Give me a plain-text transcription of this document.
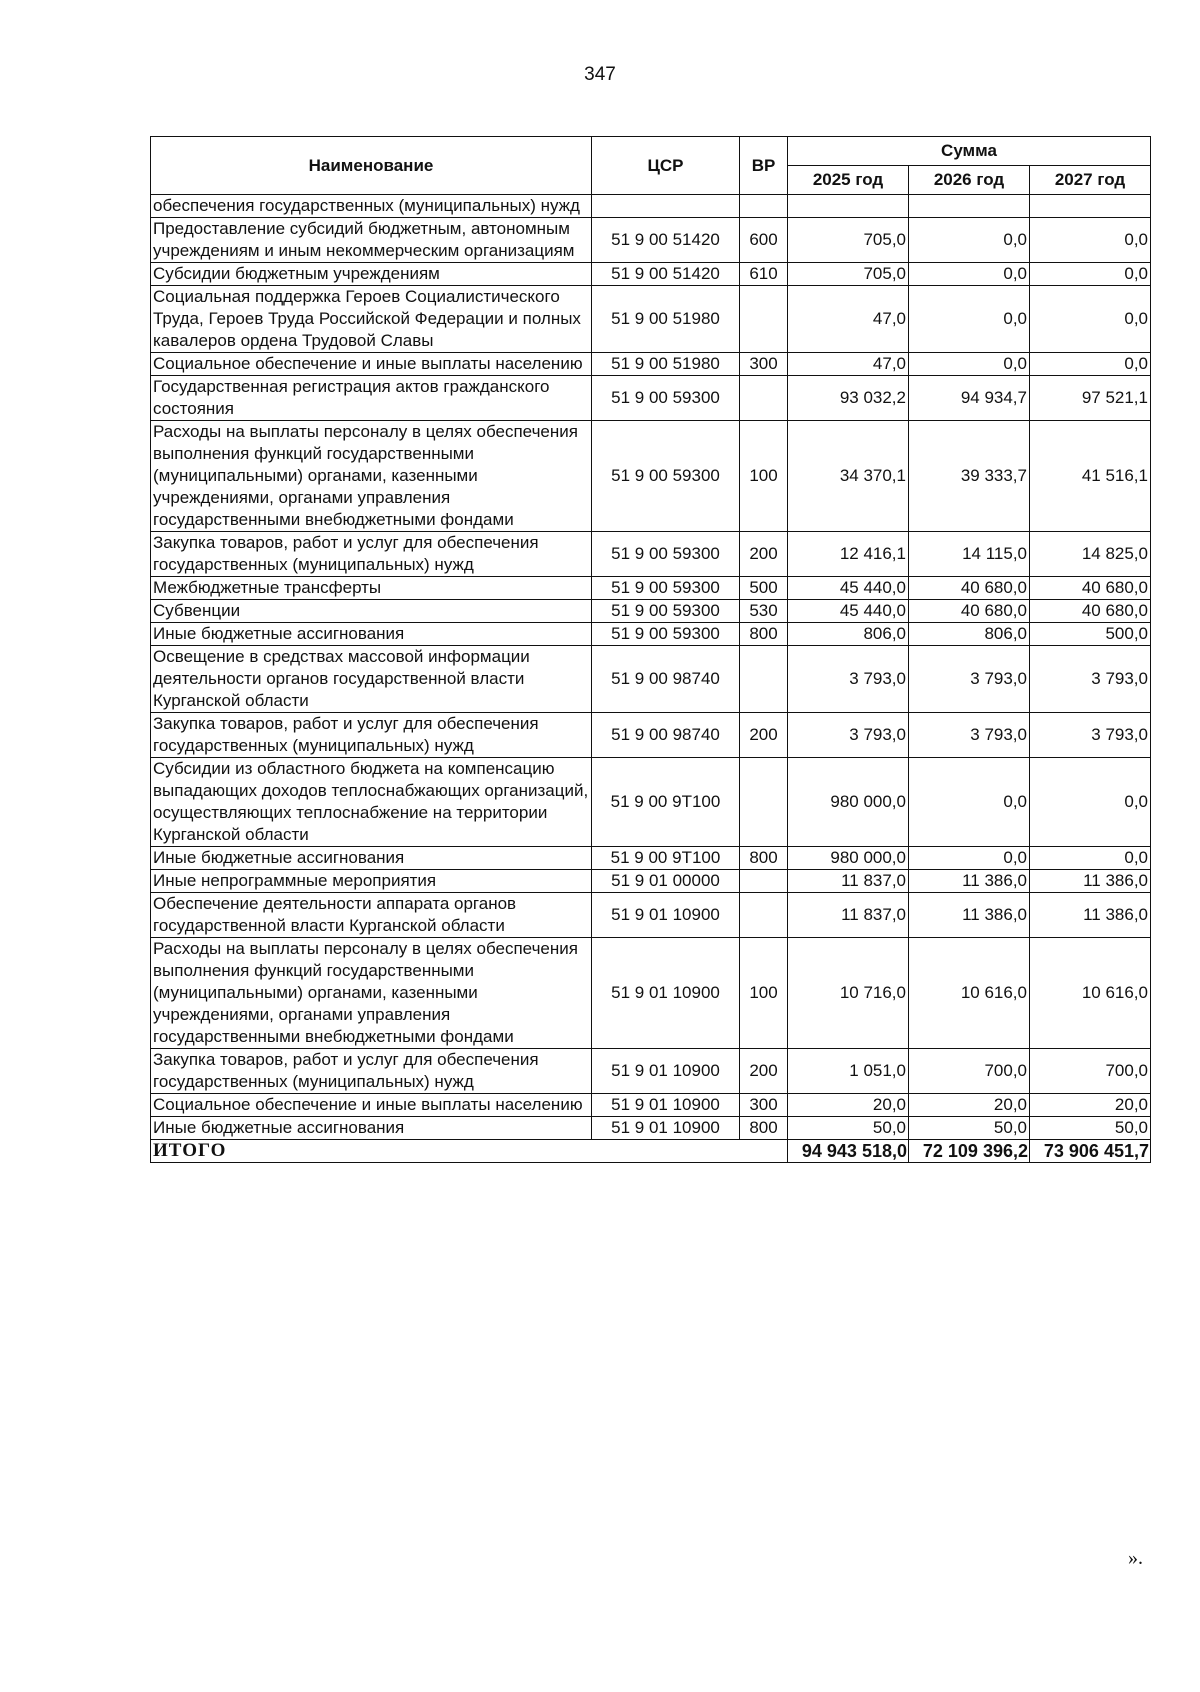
347
Наименование	ЦСР	ВР	Сумма		
			2025 год	2026 год	2027 год
обеспечения государственных (муниципальных) нужд					
Предоставление субсидий бюджетным, автономным учреждениям и иным некоммерческим организациям	51 9 00 51420	600	705,0	0,0	0,0
Субсидии бюджетным учреждениям	51 9 00 51420	610	705,0	0,0	0,0
Социальная поддержка Героев Социалистического Труда, Героев Труда Российской Федерации и полных кавалеров ордена Трудовой Славы	51 9 00 51980		47,0	0,0	0,0
Социальное обеспечение и иные выплаты населению	51 9 00 51980	300	47,0	0,0	0,0
Государственная регистрация актов гражданского состояния	51 9 00 59300		93 032,2	94 934,7	97 521,1
Расходы на выплаты персоналу в целях обеспечения выполнения функций государственными (муниципальными) органами, казенными учреждениями, органами управления государственными внебюджетными фондами	51 9 00 59300	100	34 370,1	39 333,7	41 516,1
Закупка товаров, работ и услуг для обеспечения государственных (муниципальных) нужд	51 9 00 59300	200	12 416,1	14 115,0	14 825,0
Межбюджетные трансферты	51 9 00 59300	500	45 440,0	40 680,0	40 680,0
Субвенции	51 9 00 59300	530	45 440,0	40 680,0	40 680,0
Иные бюджетные ассигнования	51 9 00 59300	800	806,0	806,0	500,0
Освещение в средствах массовой информации деятельности органов государственной власти Курганской области	51 9 00 98740		3 793,0	3 793,0	3 793,0
Закупка товаров, работ и услуг для обеспечения государственных (муниципальных) нужд	51 9 00 98740	200	3 793,0	3 793,0	3 793,0
Субсидии из областного бюджета на компенсацию выпадающих доходов теплоснабжающих организаций, осуществляющих теплоснабжение на территории Курганской области	51 9 00 9Т100		980 000,0	0,0	0,0
Иные бюджетные ассигнования	51 9 00 9Т100	800	980 000,0	0,0	0,0
Иные непрограммные мероприятия	51 9 01 00000		11 837,0	11 386,0	11 386,0
Обеспечение деятельности аппарата органов государственной власти Курганской области	51 9 01 10900		11 837,0	11 386,0	11 386,0
Расходы на выплаты персоналу в целях обеспечения выполнения функций государственными (муниципальными) органами, казенными учреждениями, органами управления государственными внебюджетными фондами	51 9 01 10900	100	10 716,0	10 616,0	10 616,0
Закупка товаров, работ и услуг для обеспечения государственных (муниципальных) нужд	51 9 01 10900	200	1 051,0	700,0	700,0
Социальное обеспечение и иные выплаты населению	51 9 01 10900	300	20,0	20,0	20,0
Иные бюджетные ассигнования	51 9 01 10900	800	50,0	50,0	50,0
ИТОГО			94 943 518,0	72 109 396,2	73 906 451,7
».
